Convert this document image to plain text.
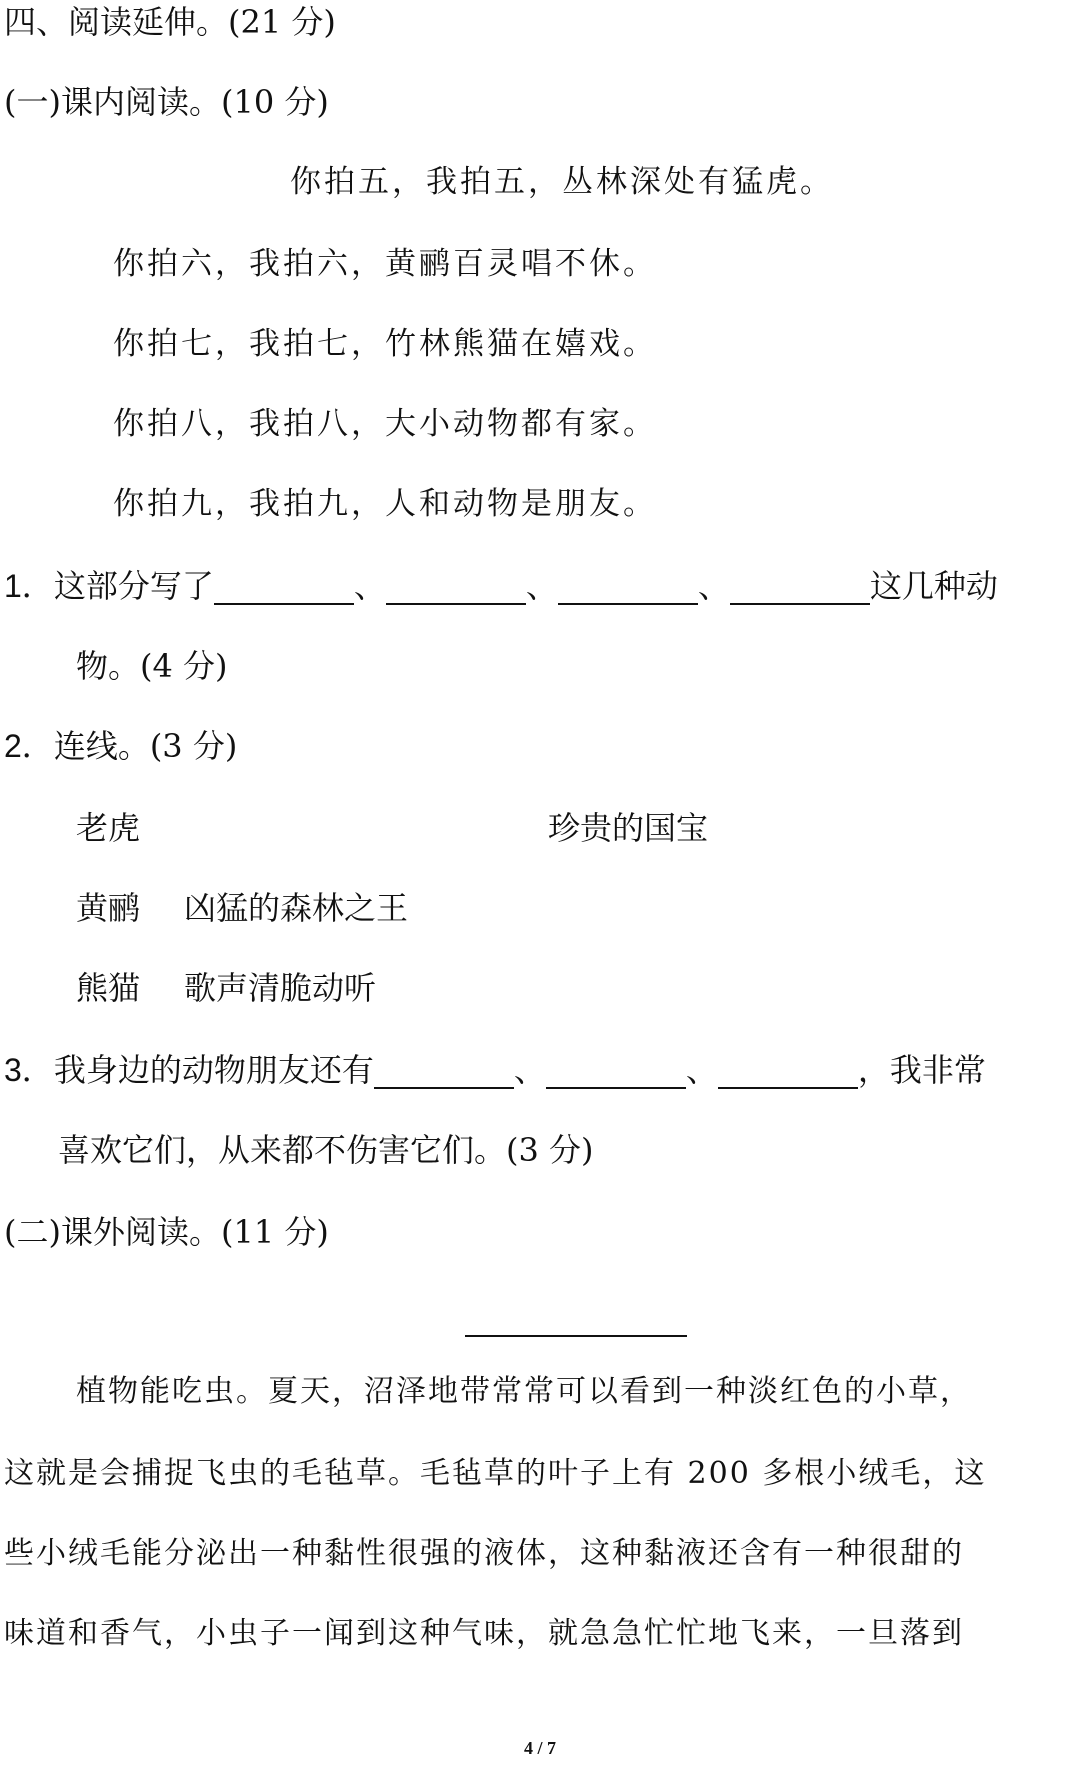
四、阅读延伸。(21 分)
(一)课内阅读。(10 分)
你拍五，我拍五，丛林深处有猛虎。
你拍六，我拍六，黄鹂百灵唱不休。
你拍七，我拍七，竹林熊猫在嬉戏。
你拍八，我拍八，大小动物都有家。
你拍九，我拍九，人和动物是朋友。
1．这部分写了	、	、	、	这几种动
物。(4 分)
2．连线。(3 分)
老虎	珍贵的国宝
黄鹂 凶猛的森林之王
熊猫 歌声清脆动听
3．我身边的动物朋友还有	、	、	，我非常
喜欢它们，从来都不伤害它们。(3 分)
(二)课外阅读。(11 分)
植物能吃虫。夏天，沼泽地带常常可以看到一种淡红色的小草，
这就是会捕捉飞虫的毛毡草。毛毡草的叶子上有 200 多根小绒毛，这
些小绒毛能分泌出一种黏性很强的液体，这种黏液还含有一种很甜的
味道和香气，小虫子一闻到这种气味，就急急忙忙地飞来，一旦落到
4 / 7
